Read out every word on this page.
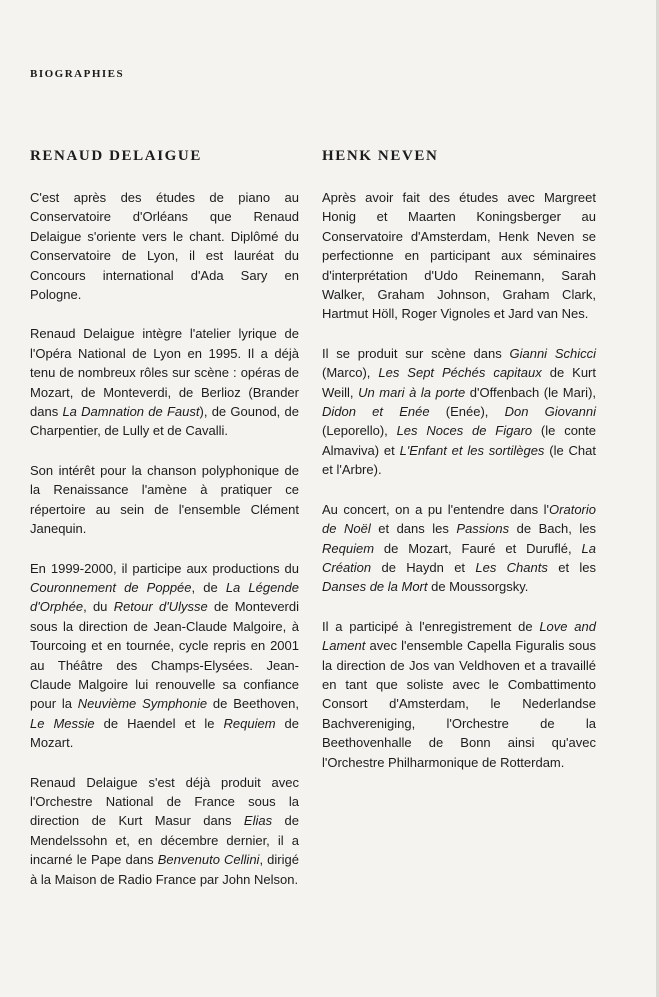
BIOGRAPHIES
RENAUD DELAIGUE

C'est après des études de piano au Conservatoire d'Orléans que Renaud Delaigue s'oriente vers le chant. Diplômé du Conservatoire de Lyon, il est lauréat du Concours international d'Ada Sary en Pologne.

Renaud Delaigue intègre l'atelier lyrique de l'Opéra National de Lyon en 1995. Il a déjà tenu de nombreux rôles sur scène : opéras de Mozart, de Monteverdi, de Berlioz (Brander dans La Damnation de Faust), de Gounod, de Charpentier, de Lully et de Cavalli.

Son intérêt pour la chanson polyphonique de la Renaissance l'amène à pratiquer ce répertoire au sein de l'ensemble Clément Janequin.

En 1999-2000, il participe aux productions du Couronnement de Poppée, de La Légende d'Orphée, du Retour d'Ulysse de Monteverdi sous la direction de Jean-Claude Malgoire, à Tourcoing et en tournée, cycle repris en 2001 au Théâtre des Champs-Elysées. Jean-Claude Malgoire lui renouvelle sa confiance pour la Neuvième Symphonie de Beethoven, Le Messie de Haendel et le Requiem de Mozart.

Renaud Delaigue s'est déjà produit avec l'Orchestre National de France sous la direction de Kurt Masur dans Elias de Mendelssohn et, en décembre dernier, il a incarné le Pape dans Benvenuto Cellini, dirigé à la Maison de Radio France par John Nelson.

HENK NEVEN

Après avoir fait des études avec Margreet Honig et Maarten Koningsberger au Conservatoire d'Amsterdam, Henk Neven se perfectionne en participant aux séminaires d'interprétation d'Udo Reinemann, Sarah Walker, Graham Johnson, Graham Clark, Hartmut Höll, Roger Vignoles et Jard van Nes.

Il se produit sur scène dans Gianni Schicci (Marco), Les Sept Péchés capitaux de Kurt Weill, Un mari à la porte d'Offenbach (le Mari), Didon et Enée (Enée), Don Giovanni (Leporello), Les Noces de Figaro (le conte Almaviva) et L'Enfant et les sortilèges (le Chat et l'Arbre).

Au concert, on a pu l'entendre dans l'Oratorio de Noël et dans les Passions de Bach, les Requiem de Mozart, Fauré et Duruflé, La Création de Haydn et Les Chants et les Danses de la Mort de Moussorgsky.

Il a participé à l'enregistrement de Love and Lament avec l'ensemble Capella Figuralis sous la direction de Jos van Veldhoven et a travaillé en tant que soliste avec le Combattimento Consort d'Amsterdam, le Nederlandse Bachvereniging, l'Orchestre de la Beethovenhalle de Bonn ainsi qu'avec l'Orchestre Philharmonique de Rotterdam.
